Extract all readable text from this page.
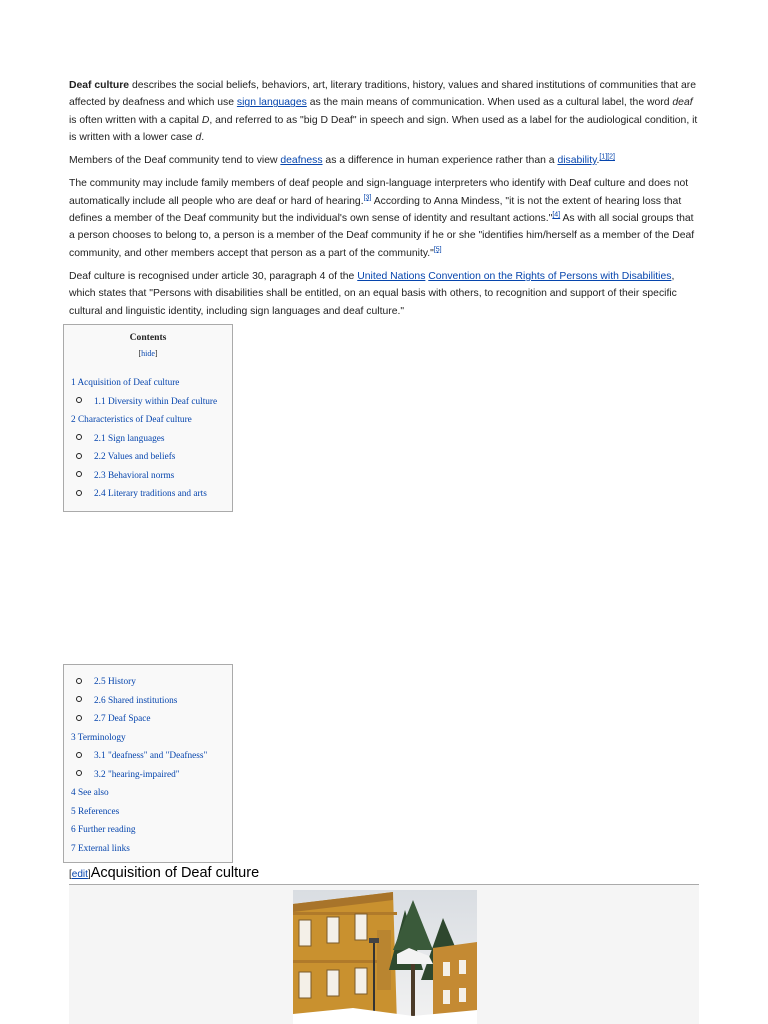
Deaf culture describes the social beliefs, behaviors, art, literary traditions, history, values and shared institutions of communities that are affected by deafness and which use sign languages as the main means of communication. When used as a cultural label, the word deaf is often written with a capital D, and referred to as "big D Deaf" in speech and sign. When used as a label for the audiological condition, it is written with a lower case d.

Members of the Deaf community tend to view deafness as a difference in human experience rather than a disability.[1][2]

The community may include family members of deaf people and sign-language interpreters who identify with Deaf culture and does not automatically include all people who are deaf or hard of hearing.[3] According to Anna Mindess, "it is not the extent of hearing loss that defines a member of the Deaf community but the individual's own sense of identity and resultant actions."[4] As with all social groups that a person chooses to belong to, a person is a member of the Deaf community if he or she "identifies him/herself as a member of the Deaf community, and other members accept that person as a part of the community."[5]

Deaf culture is recognised under article 30, paragraph 4 of the United Nations Convention on the Rights of Persons with Disabilities, which states that "Persons with disabilities shall be entitled, on an equal basis with others, to recognition and support of their specific cultural and linguistic identity, including sign languages and deaf culture."

Contents
[hide]
1 Acquisition of Deaf culture
1.1 Diversity within Deaf culture
2 Characteristics of Deaf culture
2.1 Sign languages
2.2 Values and beliefs
2.3 Behavioral norms
2.4 Literary traditions and arts
2.5 History
2.6 Shared institutions
2.7 Deaf Space
3 Terminology
3.1 "deafness" and "Deafness"
3.2 "hearing-impaired"
4 See also
5 References
6 Further reading
7 External links
[edit]Acquisition of Deaf culture
